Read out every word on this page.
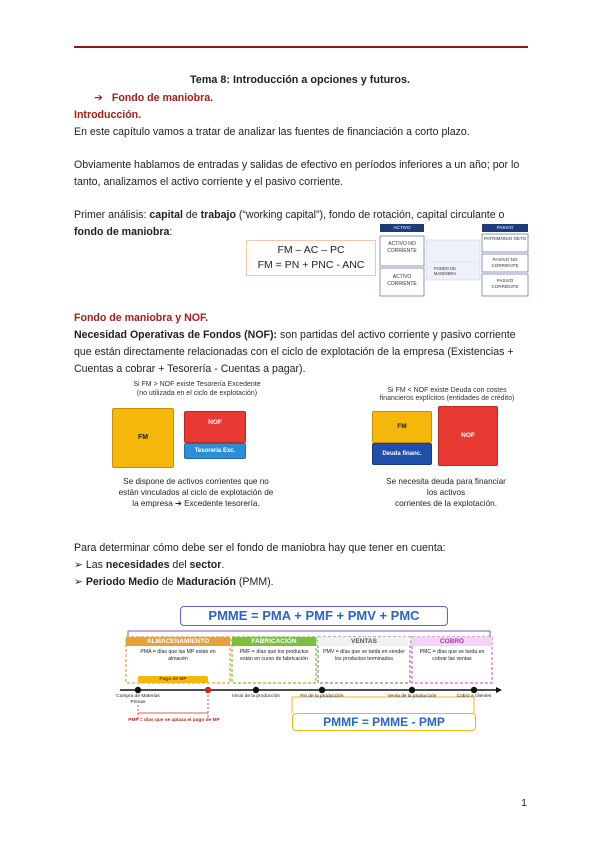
Tema 8: Introducción a opciones y futuros.
➔ Fondo de maniobra.
Introducción.
En este capítulo vamos a tratar de analizar las fuentes de financiación a corto plazo.
Obviamente hablamos de entradas y salidas de efectivo en períodos inferiores a un año; por lo
tanto, analizamos el activo corriente y el pasivo corriente.
Primer análisis: capital de trabajo (“working capital”), fondo de rotación, capital circulante o
fondo de maniobra:
FM – AC – PC
FM = PN + PNC - ANC
ACTIVO	PASIVO
ACTIVO NO CORRIENTE
PATRIMONIO NETO
PASIVO NO CORRIENTE
ACTIVO CORRIENTE
PASIVO CORRIENTE
FONDO DE MANIOBRA
Fondo de maniobra y NOF.
Necesidad Operativas de Fondos (NOF): son partidas del activo corriente y pasivo corriente
que están directamente relacionadas con el ciclo de explotación de la empresa (Existencias +
Cuentas a cobrar + Tesorería - Cuentas a pagar).
Si FM > NOF existe Tesorería Excedente
(no utilizada en el ciclo de explotación)
FM
NOF
Tesorería Exc.
Se dispone de activos corrientes que no
están vinculados al ciclo de explotación de
la empresa ➔ Excedente tesorería.
Si FM < NOF existe Deuda con costes
financieros explícitos (entidades de crédito)
FM
Deuda financ.
NOF
Se necesita deuda para financiar
los activos
corrientes de la explotación.
Para determinar cómo debe ser el fondo de maniobra hay que tener en cuenta:
➢ Las necesidades del sector.
➢ Periodo Medio de Maduración (PMM).
PMME = PMA + PMF + PMV + PMC
ALMACENAMIENTO	FABRICACIÓN	VENTAS	COBRO
PMA = días que las MP están en almacén
PMF = días que los productos están en curso de fabricación
PMV = días que se tarda en vender los productos terminados
PMC = días que se tarda en cobrar las ventas
Pago de MP
Compra de Materias Primas
Inicio de la producción	Fin de la producción	Venta de la producción	Cobro a clientes
PMP = días que se aplaza el pago de MP	PMMF = PMME - PMP
1
